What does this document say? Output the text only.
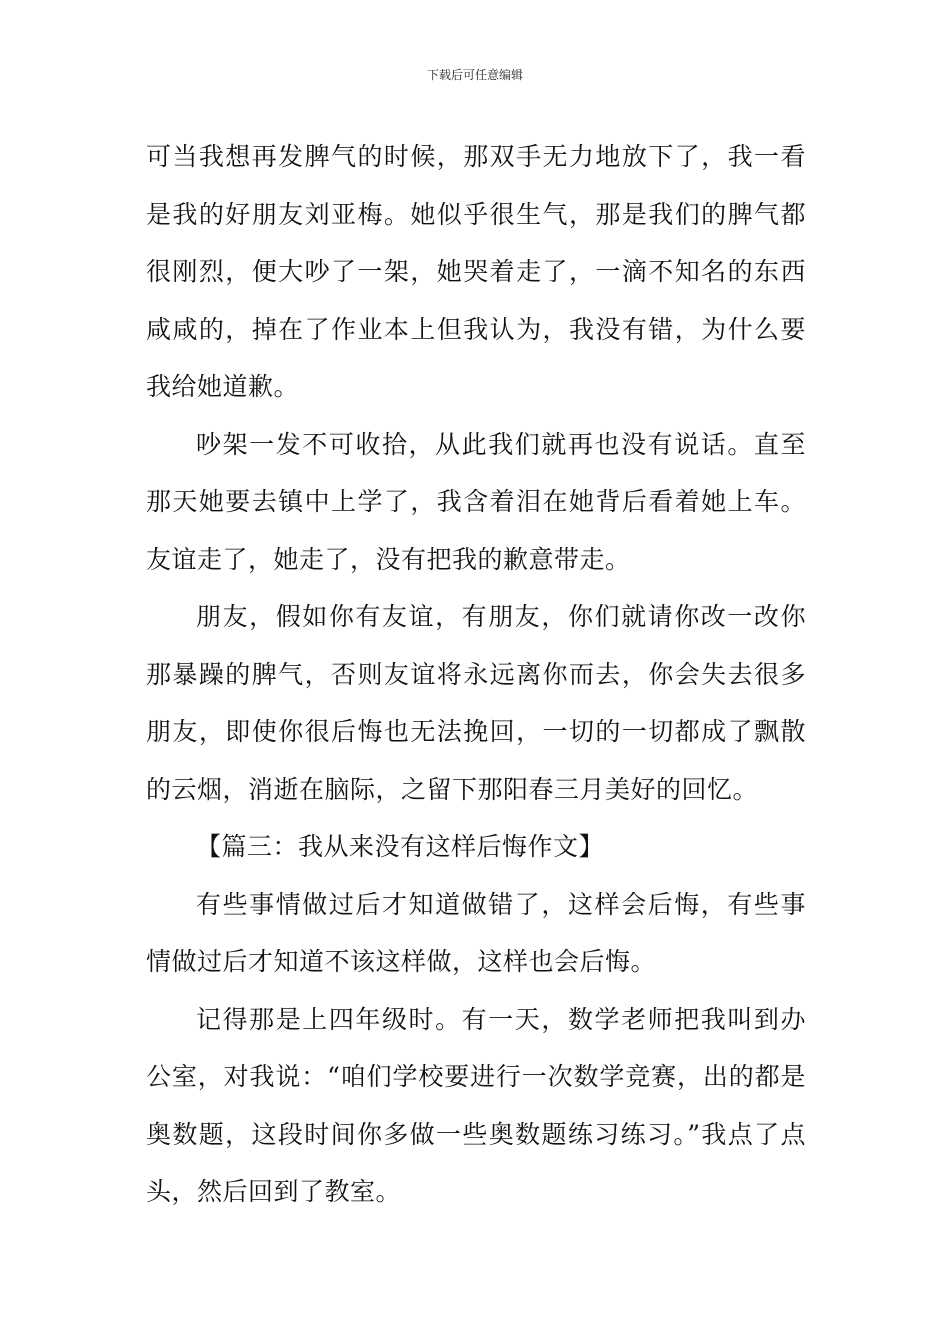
下载后可任意编辑

可当我想再发脾气的时候，那双手无力地放下了，我一看是我的好朋友刘亚梅。她似乎很生气，那是我们的脾气都很刚烈，便大吵了一架，她哭着走了，一滴不知名的东西咸咸的，掉在了作业本上但我认为，我没有错，为什么要我给她道歉。

吵架一发不可收拾，从此我们就再也没有说话。直至那天她要去镇中上学了，我含着泪在她背后看着她上车。友谊走了，她走了，没有把我的歉意带走。

朋友，假如你有友谊，有朋友，你们就请你改一改你那暴躁的脾气，否则友谊将永远离你而去，你会失去很多朋友，即使你很后悔也无法挽回，一切的一切都成了飘散的云烟，消逝在脑际，之留下那阳春三月美好的回忆。

【篇三：我从来没有这样后悔作文】

有些事情做过后才知道做错了，这样会后悔，有些事情做过后才知道不该这样做，这样也会后悔。

记得那是上四年级时。有一天，数学老师把我叫到办公室，对我说：“咱们学校要进行一次数学竞赛，出的都是奥数题，这段时间你多做一些奥数题练习练习。”我点了点头，然后回到了教室。
